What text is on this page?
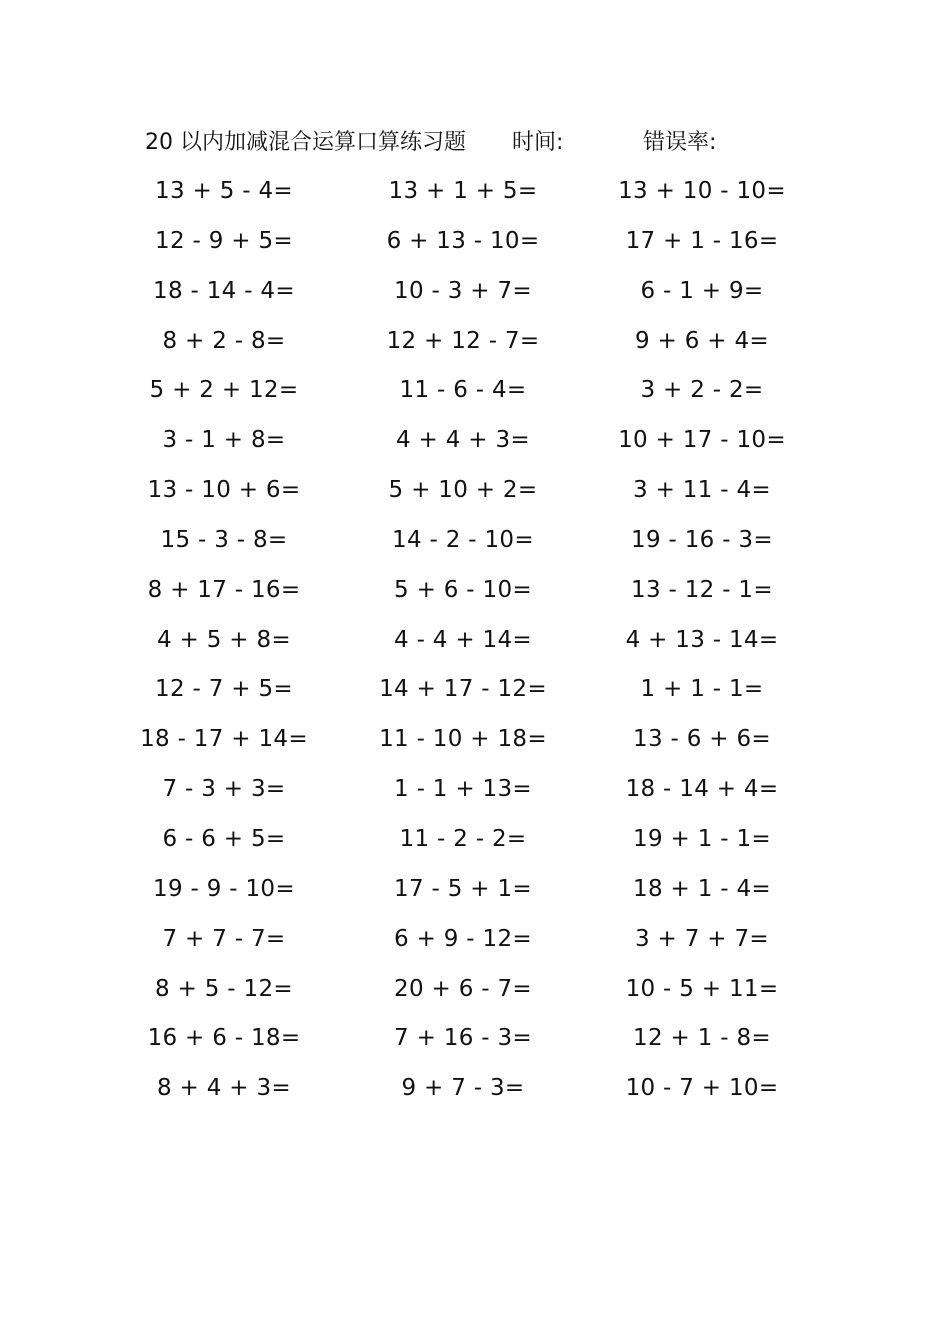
20 以内加减混合运算口算练习题 时间:	错误率:
13 + 5 - 4=	13 + 1 + 5=	13 + 10 - 10=
12 - 9 + 5=	6 + 13 - 10=	17 + 1 - 16=
18 - 14 - 4=	10 - 3 + 7=	6 - 1 + 9=
8 + 2 - 8=	12 + 12 - 7=	9 + 6 + 4=
5 + 2 + 12=	11 - 6 - 4=	3 + 2 - 2=
3 - 1 + 8=	4 + 4 + 3=	10 + 17 - 10=
13 - 10 + 6=	5 + 10 + 2=	3 + 11 - 4=
15 - 3 - 8=	14 - 2 - 10=	19 - 16 - 3=
8 + 17 - 16=	5 + 6 - 10=	13 - 12 - 1=
4 + 5 + 8=	4 - 4 + 14=	4 + 13 - 14=
12 - 7 + 5=	14 + 17 - 12=	1 + 1 - 1=
18 - 17 + 14=	11 - 10 + 18=	13 - 6 + 6=
7 - 3 + 3=	1 - 1 + 13=	18 - 14 + 4=
6 - 6 + 5=	11 - 2 - 2=	19 + 1 - 1=
19 - 9 - 10=	17 - 5 + 1=	18 + 1 - 4=
7 + 7 - 7=	6 + 9 - 12=	3 + 7 + 7=
8 + 5 - 12=	20 + 6 - 7=	10 - 5 + 11=
16 + 6 - 18=	7 + 16 - 3=	12 + 1 - 8=
8 + 4 + 3=	9 + 7 - 3=	10 - 7 + 10=
